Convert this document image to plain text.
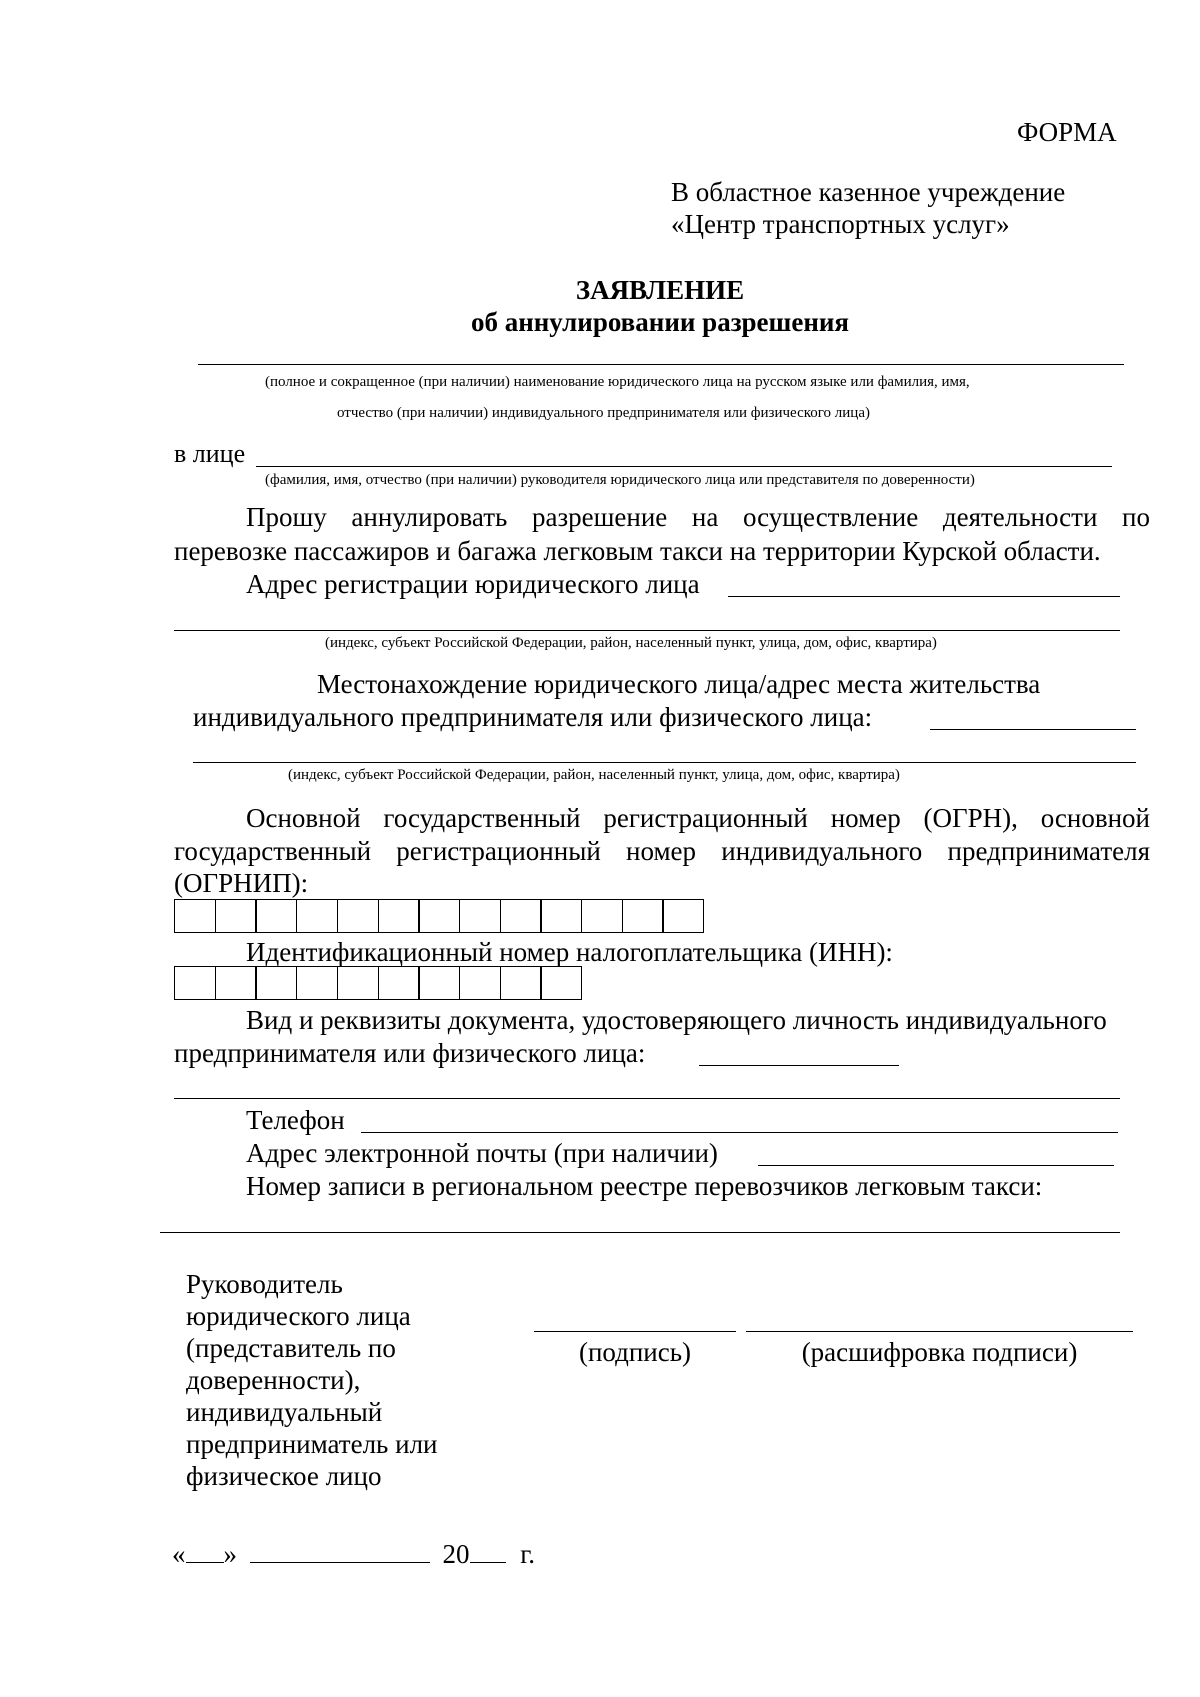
ФОРМА
В областное казенное учреждение
«Центр транспортных услуг»
ЗАЯВЛЕНИЕ
об аннулировании разрешения
(полное и сокращенное (при наличии) наименование юридического лица на русском языке или фамилия, имя,
отчество (при наличии) индивидуального предпринимателя или физического лица)
в лице
(фамилия, имя, отчество (при наличии) руководителя юридического лица или представителя по доверенности)
Прошу аннулировать разрешение на осуществление деятельности по
перевозке пассажиров и багажа легковым такси на территории Курской области.
Адрес регистрации юридического лица
(индекс, субъект Российской Федерации, район, населенный пункт, улица, дом, офис, квартира)
Местонахождение юридического лица/адрес места жительства
индивидуального предпринимателя или физического лица:
(индекс, субъект Российской Федерации, район, населенный пункт, улица, дом, офис, квартира)
Основной государственный регистрационный номер (ОГРН), основной
государственный регистрационный номер индивидуального предпринимателя
(ОГРНИП):
Идентификационный номер налогоплательщика (ИНН):
Вид и реквизиты документа, удостоверяющего личность индивидуального
предпринимателя или физического лица:
Телефон
Адрес электронной почты (при наличии)
Номер записи в региональном реестре перевозчиков легковым такси:
Руководитель
юридического лица
(представитель по
доверенности),
индивидуальный
предприниматель или
физическое лицо
(подпись)	(расшифровка подписи)
« »	20 г.
